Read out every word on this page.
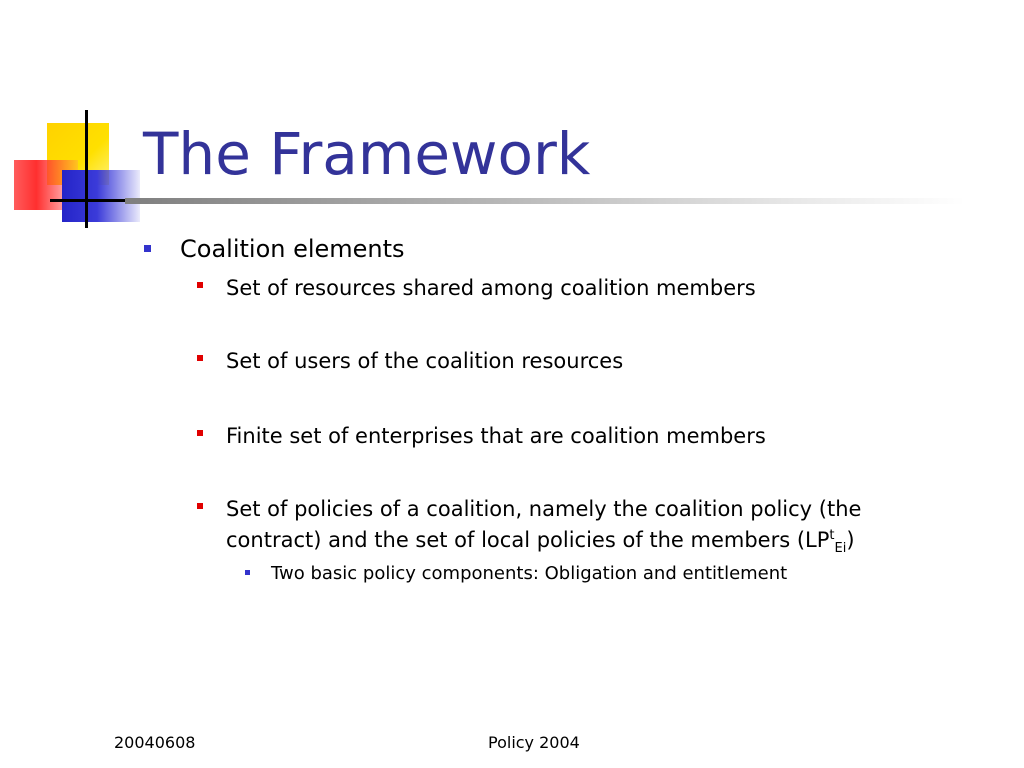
The Framework
Coalition elements
Set of resources shared among coalition members
Set of users of the coalition resources
Finite set of enterprises that are coalition members
Set of policies of a coalition, namely the coalition policy (the
contract) and the set of local policies of the members $(LP^t_{Ei})$
Two basic policy components: Obligation and entitlement
20040608	Policy 2004
